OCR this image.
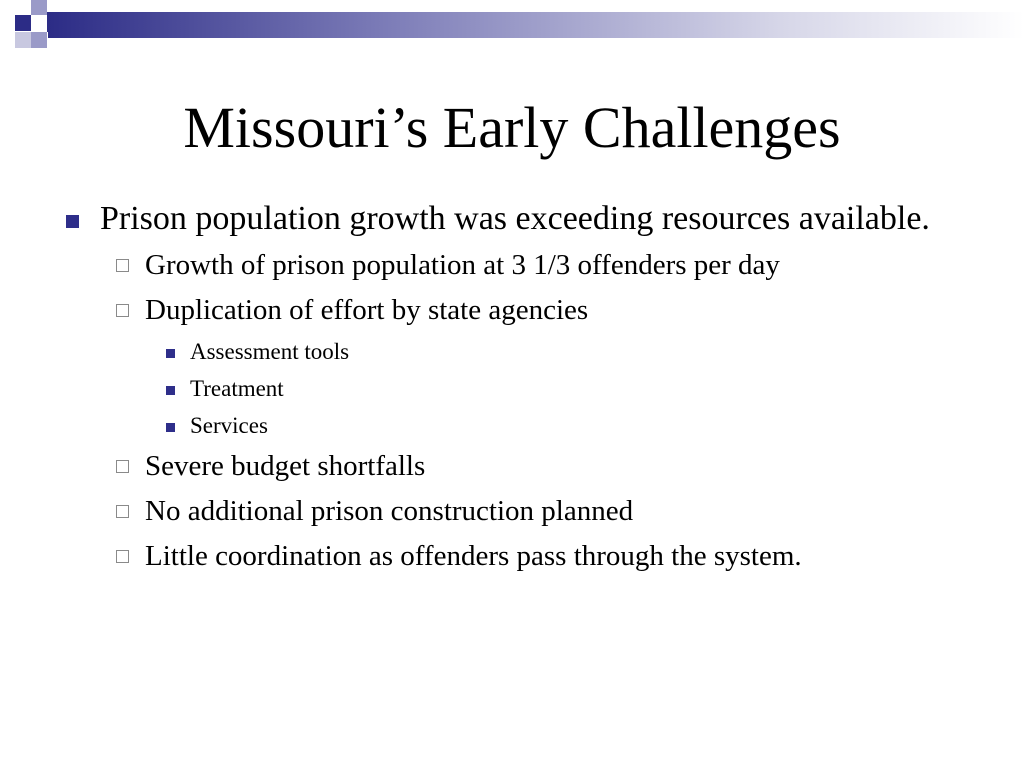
Missouri’s Early Challenges
Prison population growth was exceeding resources available.
Growth of prison population at 3 1/3 offenders per day
Duplication of effort by state agencies
Assessment tools
Treatment
Services
Severe budget shortfalls
No additional prison construction planned
Little coordination as offenders pass through the system.
